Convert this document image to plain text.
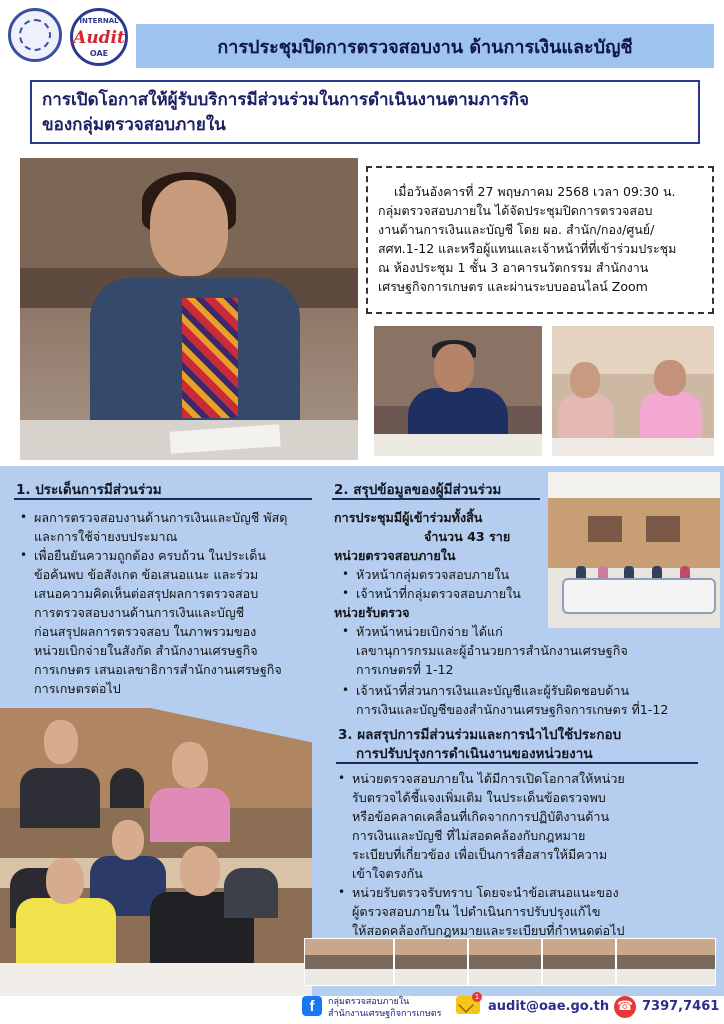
INTERNAL
Audit
OAE	การประชุมปิดการตรวจสอบงาน ด้านการเงินและบัญชี
การเปิดโอกาสให้ผู้รับบริการมีส่วนร่วมในการดำเนินงานตามภารกิจ
ของกลุ่มตรวจสอบภายใน
เมื่อวันอังคารที่ 27 พฤษภาคม 2568 เวลา 09:30 น.
กลุ่มตรวจสอบภายใน ได้จัดประชุมปิดการตรวจสอบ
งานด้านการเงินและบัญชี โดย ผอ. สำนัก/กอง/ศูนย์/
สศท.1-12 และหรือผู้แทนและเจ้าหน้าที่ที่เข้าร่วมประชุม
ณ ห้องประชุม 1 ชั้น 3 อาคารนวัตกรรม สำนักงาน
เศรษฐกิจการเกษตร และผ่านระบบออนไลน์ Zoom
1. ประเด็นการมีส่วนร่วม
• ผลการตรวจสอบงานด้านการเงินและบัญชี พัสดุ
และการใช้จ่ายงบประมาณ
• เพื่อยืนยันความถูกต้อง ครบถ้วน ในประเด็น
ข้อค้นพบ ข้อสังเกต ข้อเสนอแนะ และร่วม
เสนอความคิดเห็นต่อสรุปผลการตรวจสอบ
การตรวจสอบงานด้านการเงินและบัญชี
ก่อนสรุปผลการตรวจสอบ ในภาพรวมของ
หน่วยเบิกจ่ายในสังกัด สำนักงานเศรษฐกิจ
การเกษตร เสนอเลขาธิการสำนักงานเศรษฐกิจ
การเกษตรต่อไป
2. สรุปข้อมูลของผู้มีส่วนร่วม
การประชุมมีผู้เข้าร่วมทั้งสิ้น
จำนวน 43 ราย
หน่วยตรวจสอบภายใน
• หัวหน้ากลุ่มตรวจสอบภายใน
• เจ้าหน้าที่กลุ่มตรวจสอบภายใน
หน่วยรับตรวจ
• หัวหน้าหน่วยเบิกจ่าย ได้แก่
เลขานุการกรมและผู้อำนวยการสำนักงานเศรษฐกิจ
การเกษตรที่ 1-12
• เจ้าหน้าที่ส่วนการเงินและบัญชีและผู้รับผิดชอบด้าน
การเงินและบัญชีของสำนักงานเศรษฐกิจการเกษตร ที่1-12
3. ผลสรุปการมีส่วนร่วมและการนำไปใช้ประกอบ
การปรับปรุงการดำเนินงานของหน่วยงาน
• หน่วยตรวจสอบภายใน ได้มีการเปิดโอกาสให้หน่วย
รับตรวจได้ชี้แจงเพิ่มเติม ในประเด็นข้อตรวจพบ
หรือข้อคลาดเคลื่อนที่เกิดจากการปฏิบัติงานด้าน
การเงินและบัญชี ที่ไม่สอดคล้องกับกฎหมาย
ระเบียบที่เกี่ยวข้อง เพื่อเป็นการสื่อสารให้มีความ
เข้าใจตรงกัน
• หน่วยรับตรวจรับทราบ โดยจะนำข้อเสนอแนะของ
ผู้ตรวจสอบภายใน ไปดำเนินการปรับปรุงแก้ไข
ให้สอดคล้องกับกฎหมายและระเบียบที่กำหนดต่อไป
f	กลุ่มตรวจสอบภายใน
สำนักงานเศรษฐกิจการเกษตร
1
audit@oae.go.th ☎ 7397,7461
